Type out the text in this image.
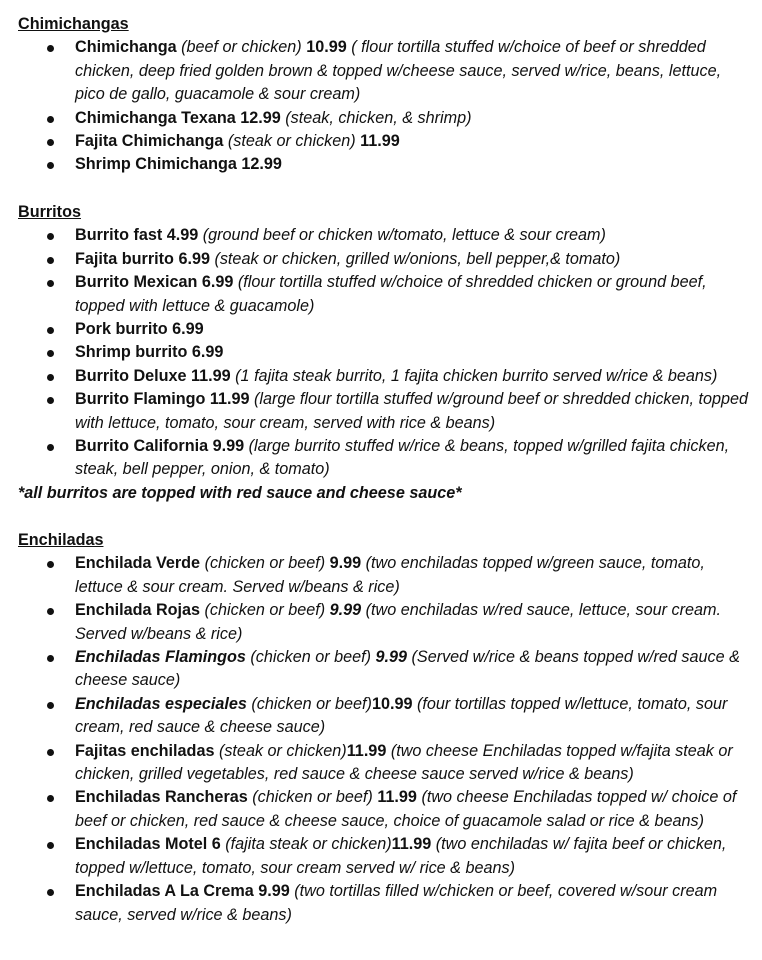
Chimichangas
Chimichanga (beef or chicken) 10.99 ( flour tortilla stuffed w/choice of beef or shredded chicken, deep fried golden brown & topped w/cheese sauce, served w/rice, beans, lettuce, pico de gallo, guacamole & sour cream)
Chimichanga Texana 12.99 (steak, chicken, & shrimp)
Fajita Chimichanga (steak or chicken) 11.99
Shrimp Chimichanga 12.99
Burritos
Burrito fast 4.99 (ground beef or chicken w/tomato, lettuce & sour cream)
Fajita burrito 6.99 (steak or chicken, grilled w/onions, bell pepper,& tomato)
Burrito Mexican 6.99 (flour tortilla stuffed w/choice of shredded chicken or ground beef, topped with lettuce & guacamole)
Pork burrito 6.99
Shrimp burrito 6.99
Burrito Deluxe 11.99 (1 fajita steak burrito, 1 fajita chicken burrito served w/rice & beans)
Burrito Flamingo 11.99 (large flour tortilla stuffed w/ground beef or shredded chicken, topped with lettuce, tomato, sour cream, served with rice & beans)
Burrito California 9.99 (large burrito stuffed w/rice & beans, topped w/grilled fajita chicken, steak, bell pepper, onion, & tomato)
*all burritos are topped with red sauce and cheese sauce*
Enchiladas
Enchilada Verde (chicken or beef) 9.99 (two enchiladas topped w/green sauce, tomato, lettuce & sour cream. Served w/beans & rice)
Enchilada Rojas (chicken or beef) 9.99 (two enchiladas w/red sauce, lettuce, sour cream. Served w/beans & rice)
Enchiladas Flamingos (chicken or beef) 9.99 (Served w/rice & beans topped w/red sauce & cheese sauce)
Enchiladas especiales (chicken or beef)10.99 (four tortillas topped w/lettuce, tomato, sour cream, red sauce & cheese sauce)
Fajitas enchiladas (steak or chicken)11.99 (two cheese Enchiladas topped w/fajita steak or chicken, grilled vegetables, red sauce & cheese sauce served w/rice & beans)
Enchiladas Rancheras (chicken or beef) 11.99 (two cheese Enchiladas topped w/ choice of beef or chicken, red sauce & cheese sauce, choice of guacamole salad or rice & beans)
Enchiladas Motel 6 (fajita steak or chicken)11.99 (two enchiladas w/ fajita beef or chicken, topped w/lettuce, tomato, sour cream served w/ rice & beans)
Enchiladas A La Crema 9.99 (two tortillas filled w/chicken or beef, covered w/sour cream sauce, served w/rice & beans)
